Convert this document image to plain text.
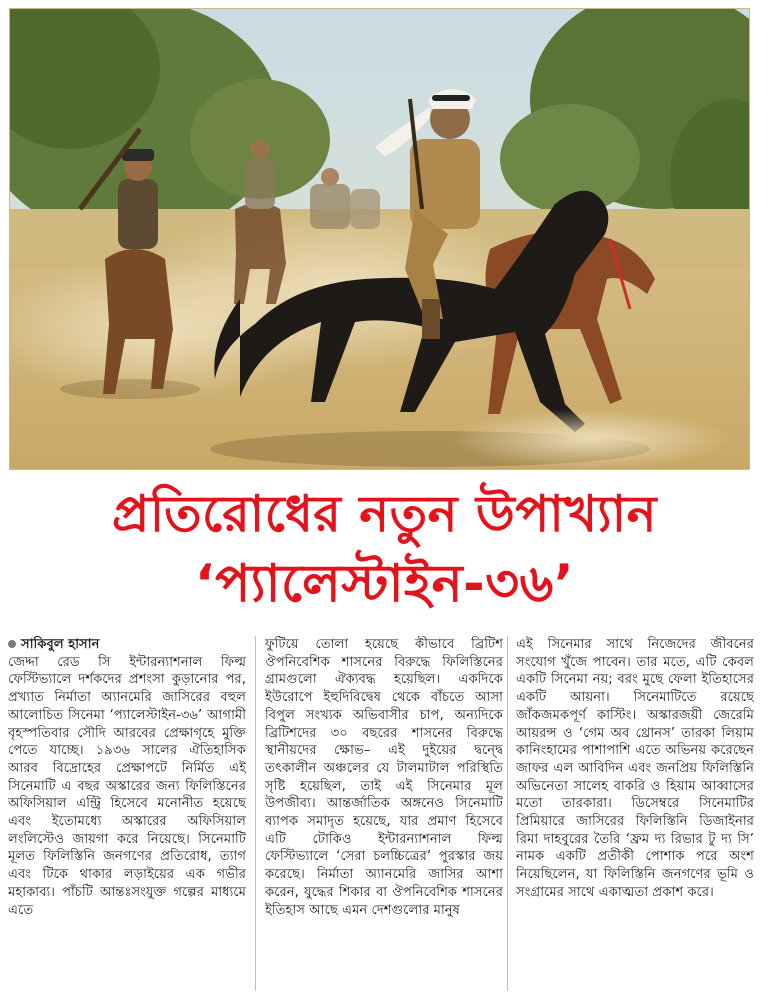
প্রতিরোধের নতুন উপাখ্যান
‘প্যালেস্টাইন-৩৬’
সাকিবুল হাসান

জেদ্দা রেড সি ইন্টারন্যাশনাল ফিল্ম ফেস্টিভ্যালে দর্শকদের প্রশংসা কুড়ানোর পর, প্রখ্যাত নির্মাতা অ্যানমেরি জাসিরের বহুল আলোচিত সিনেমা ‘প্যালেস্টাইন-৩৬’ আগামী বৃহস্পতিবার সৌদি আরবের প্রেক্ষাগৃহে মুক্তি পেতে যাচ্ছে। ১৯৩৬ সালের ঐতিহাসিক আরব বিদ্রোহের প্রেক্ষাপটে নির্মিত এই সিনেমাটি এ বছর অস্কারের জন্য ফিলিস্তিনের অফিসিয়াল এন্ট্রি হিসেবে মনোনীত হয়েছে এবং ইতোমধ্যে অস্কারের অফিসিয়াল লংলিস্টেও জায়গা করে নিয়েছে। সিনেমাটি মূলত ফিলিস্তিনি জনগণের প্রতিরোধ, ত্যাগ এবং টিকে থাকার লড়াইয়ের এক গভীর মহাকাব্য। পাঁচটি আন্তঃসংযুক্ত গল্পের মাধ্যমে এতে

ফুটিয়ে তোলা হয়েছে কীভাবে ব্রিটিশ ঔপনিবেশিক শাসনের বিরুদ্ধে ফিলিস্তিনের গ্রামগুলো ঐক্যবদ্ধ হয়েছিল। একদিকে ইউরোপে ইহুদিবিদ্বেষ থেকে বাঁচতে আসা বিপুল সংখ্যক অভিবাসীর চাপ, অন্যদিকে ব্রিটিশদের ৩০ বছরের শাসনের বিরুদ্ধে স্থানীয়দের ক্ষোভ– এই দুইয়ের দ্বন্দ্বে তৎকালীন অঞ্চলের যে টালমাটাল পরিস্থিতি সৃষ্টি হয়েছিল, তাই এই সিনেমার মূল উপজীব্য। আন্তর্জাতিক অঙ্গনেও সিনেমাটি ব্যাপক সমাদৃত হয়েছে, যার প্রমাণ হিসেবে এটি টোকিও ইন্টারন্যাশনাল ফিল্ম ফেস্টিভ্যালে ‘সেরা চলচ্চিত্রের’ পুরস্কার জয় করেছে। নির্মাতা অ্যানমেরি জাসির আশা করেন, যুদ্ধের শিকার বা ঔপনিবেশিক শাসনের ইতিহাস আছে এমন দেশগুলোর মানুষ

এই সিনেমার সাথে নিজেদের জীবনের সংযোগ খুঁজে পাবেন। তার মতে, এটি কেবল একটি সিনেমা নয়; বরং মুছে ফেলা ইতিহাসের একটি আয়না। সিনেমাটিতে রয়েছে জাঁকজমকপূর্ণ কাস্টিং। অস্কারজয়ী জেরেমি আয়রন্স ও ‘গেম অব থ্রোনস’ তারকা লিয়াম কানিংহামের পাশাপাশি এতে অভিনয় করেছেন জাফর এল আবিদিন এবং জনপ্রিয় ফিলিস্তিনি অভিনেতা সালেহ বাকরি ও হিয়াম আব্বাসের মতো তারকারা। ডিসেম্বরে সিনেমাটির প্রিমিয়ারে জাসিরের ফিলিস্তিনি ডিজাইনার রিমা দাহবুরের তৈরি ‘ফ্রম দ্য রিভার টু দ্য সি’ নামক একটি প্রতীকী পোশাক পরে অংশ নিয়েছিলেন, যা ফিলিস্তিনি জনগণের ভূমি ও সংগ্রামের সাথে একাত্মতা প্রকাশ করে।
